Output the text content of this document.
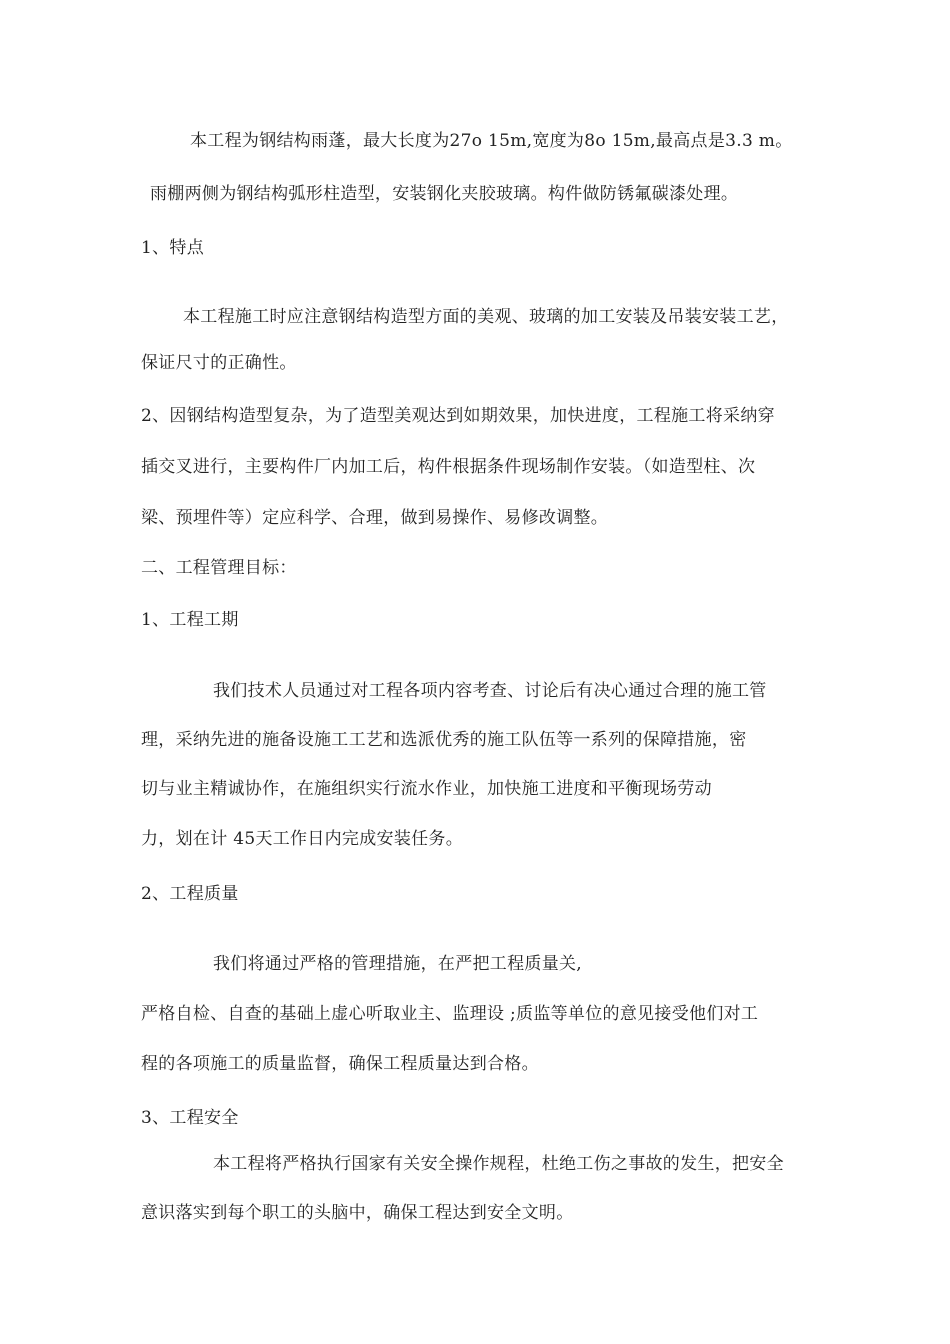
本工程为钢结构雨蓬，最大长度为27o 15m,宽度为8o 15m,最高点是3.3 m。
雨棚两侧为钢结构弧形柱造型，安装钢化夹胶玻璃。构件做防锈氟碳漆处理。
1、特点
本工程施工时应注意钢结构造型方面的美观、玻璃的加工安装及吊装安装工艺，
保证尺寸的正确性。
2、因钢结构造型复杂，为了造型美观达到如期效果，加快进度，工程施工将采纳穿
插交叉进行，主要构件厂内加工后，构件根据条件现场制作安装。（如造型柱、次
梁、预埋件等）定应科学、合理，做到易操作、易修改调整。
二、工程管理目标：
1、工程工期
我们技术人员通过对工程各项内容考查、讨论后有决心通过合理的施工管
理，采纳先进的施备设施工工艺和选派优秀的施工队伍等一系列的保障措施，密
切与业主精诚协作，在施组织实行流水作业，加快施工进度和平衡现场劳动
力，划在计 45天工作日内完成安装任务。
2、工程质量
我们将通过严格的管理措施，在严把工程质量关,
严格自检、自查的基础上虚心听取业主、监理设 ;质监等单位的意见接受他们对工
程的各项施工的质量监督，确保工程质量达到合格。
3、工程安全
本工程将严格执行国家有关安全操作规程，杜绝工伤之事故的发生，把安全
意识落实到每个职工的头脑中，确保工程达到安全文明。
